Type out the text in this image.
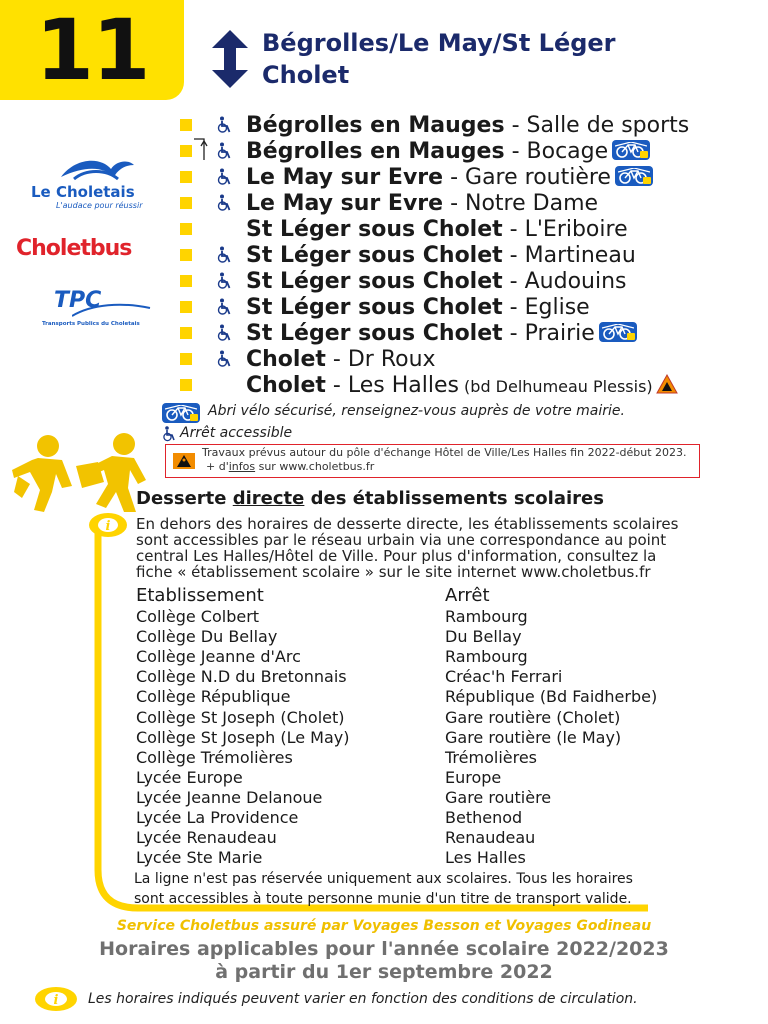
11	Bégrolles/Le May/St Léger
Cholet
Le Choletais
L'audace pour réussir
Choletbus
TPC
Transports Publics du Choletais
Bégrolles en Mauges - Salle de sports
Bégrolles en Mauges - Bocage
Le May sur Evre - Gare routière
Le May sur Evre - Notre Dame
St Léger sous Cholet - L'Eriboire
St Léger sous Cholet - Martineau
St Léger sous Cholet - Audouins
St Léger sous Cholet - Eglise
St Léger sous Cholet - Prairie
Cholet - Dr Roux
Cholet - Les Halles (bd Delhumeau Plessis)
Abri vélo sécurisé, renseignez-vous auprès de votre mairie.
Arrêt accessible
Travaux prévus autour du pôle d'échange Hôtel de Ville/Les Halles fin 2022-début 2023.
+ d'infos sur www.choletbus.fr
Desserte directe des établissements scolaires
i En dehors des horaires de desserte directe, les établissements scolaires
sont accessibles par le réseau urbain via une correspondance au point
central Les Halles/Hôtel de Ville. Pour plus d'information, consultez la
fiche « établissement scolaire » sur le site internet www.choletbus.fr
Etablissement	Arrêt
Collège Colbert	Rambourg
Collège Du Bellay	Du Bellay
Collège Jeanne d'Arc	Rambourg
Collège N.D du Bretonnais	Créac'h Ferrari
Collège République	République (Bd Faidherbe)
Collège St Joseph (Cholet)	Gare routière (Cholet)
Collège St Joseph (Le May)	Gare routière (le May)
Collège Trémolières	Trémolières
Lycée Europe	Europe
Lycée Jeanne Delanoue	Gare routière
Lycée La Providence	Bethenod
Lycée Renaudeau	Renaudeau
Lycée Ste Marie	Les Halles
La ligne n'est pas réservée uniquement aux scolaires. Tous les horaires
sont accessibles à toute personne munie d'un titre de transport valide.
Service Choletbus assuré par Voyages Besson et Voyages Godineau
Horaires applicables pour l'année scolaire 2022/2023
à partir du 1er septembre 2022
i Les horaires indiqués peuvent varier en fonction des conditions de circulation.
